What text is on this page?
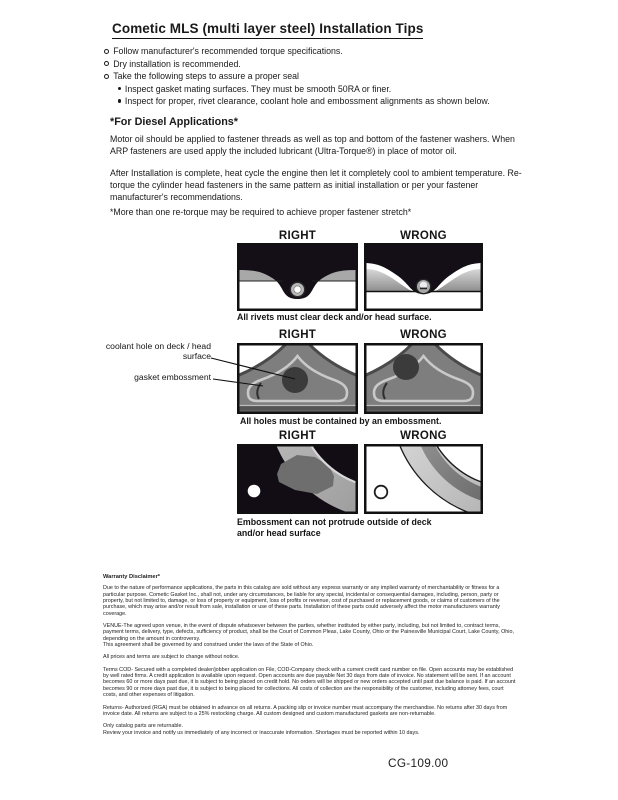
Cometic MLS (multi layer steel) Installation Tips
Follow manufacturer's recommended torque specifications.
Dry installation is recommended.
Take the following steps to assure a proper seal
Inspect gasket mating surfaces. They must be smooth 50RA or finer.
Inspect for proper, rivet clearance, coolant hole and embossment alignments as shown below.
*For Diesel Applications*
Motor oil should be applied to fastener threads as well as top and bottom of the fastener washers. When ARP fasteners are used apply the included lubricant (Ultra-Torque®) in place of motor oil.
After Installation is complete, heat cycle the engine then let it completely cool to ambient temperature. Re-torque the cylinder head fasteners in the same pattern as initial installation or per your fastener manufacturer's recommendations.
*More than one re-torque may be required to achieve proper fastener stretch*
RIGHT	WRONG
All rivets must clear deck and/or head surface.
RIGHT	WRONG
coolant hole on deck / head surface
gasket embossment
All holes must be contained by an embossment.
RIGHT	WRONG
Embossment can not protrude outside of deck
and/or head surface
Warranty Disclaimer*

Due to the nature of performance applications, the parts in this catalog are sold without any express warranty or any implied warranty of merchantability or fitness for a particular purpose. Cometic Gasket Inc., shall not, under any circumstances, be liable for any special, incidental or consequential damages, including, person, party or property, but not limited to, damage, or loss of property or equipment, loss of profits or revenue, cost of purchased or replacement goods, or claims of customers of the purchase, which may arise and/or result from sale, installation or use of these parts. Installation of these parts could adversely affect the motor manufacturers warranty coverage.

VENUE-The agreed upon venue, in the event of dispute whatsoever between the parties, whether instituted by either party, including, but not limited to, contract terms, payment terms, delivery, type, defects, sufficiency of product, shall be the Court of Common Pleas, Lake County, Ohio or the Painesville Municipal Court, Lake County, Ohio, depending on the amount in controversy.
This agreement shall be governed by and construed under the laws of the State of Ohio.

All prices and terms are subject to change without notice.

Terms COD- Secured with a completed dealer/jobber application on File, COD-Company check with a current credit card number on file. Open accounts may be established by well rated firms. A credit application is available upon request. Open accounts are due payable Net 30 days from date of invoice. No statement will be sent. If an account becomes 60 or more days past due, it is subject to being placed on credit hold. No orders will be shipped or new orders accepted until past due balance is paid. If an account becomes 90 or more days past due, it is subject to being placed for collections. All costs of collection are the responsibility of the customer, including attorney fees, court costs, and other expenses of litigation.

Returns- Authorized (RGA) must be obtained in advance on all returns. A packing slip or invoice number must accompany the merchandise. No returns after 30 days from invoice date. All returns are subject to a 25% restocking charge. All custom designed and custom manufactured gaskets are non-returnable.

Only catalog parts are returnable.
Review your invoice and notify us immediately of any incorrect or inaccurate information. Shortages must be reported within 10 days.

CG-109.00
